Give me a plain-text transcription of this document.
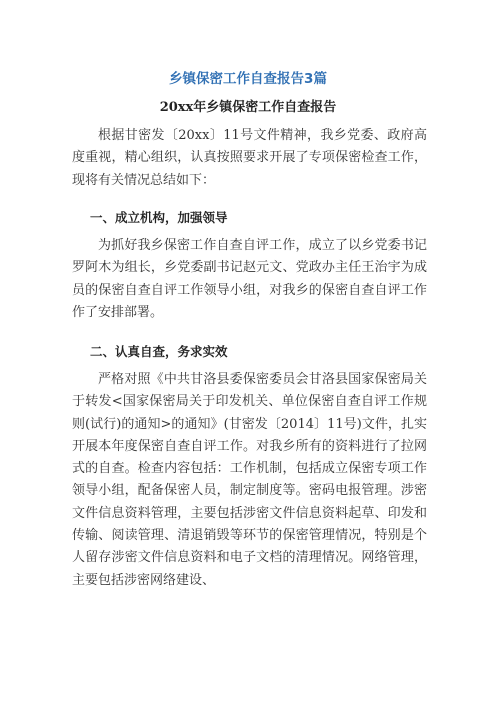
乡镇保密工作自查报告3篇
20xx年乡镇保密工作自查报告

根据甘密发〔20xx〕11号文件精神，我乡党委、政府高度重视，精心组织，认真按照要求开展了专项保密检查工作，现将有关情况总结如下：

一、成立机构，加强领导

为抓好我乡保密工作自查自评工作，成立了以乡党委书记罗阿木为组长，乡党委副书记赵元文、党政办主任王治宇为成员的保密自查自评工作领导小组，对我乡的保密自查自评工作作了安排部署。

二、认真自查，务求实效

严格对照《中共甘洛县委保密委员会甘洛县国家保密局关于转发<国家保密局关于印发机关、单位保密自查自评工作规则(试行)的通知>的通知》(甘密发〔2014〕11号)文件，扎实开展本年度保密自查自评工作。对我乡所有的资料进行了拉网式的自查。检查内容包括：工作机制，包括成立保密专项工作领导小组，配备保密人员，制定制度等。密码电报管理。涉密文件信息资料管理，主要包括涉密文件信息资料起草、印发和传输、阅读管理、清退销毁等环节的保密管理情况，特别是个人留存涉密文件信息资料和电子文档的清理情况。网络管理，主要包括涉密网络建设、
